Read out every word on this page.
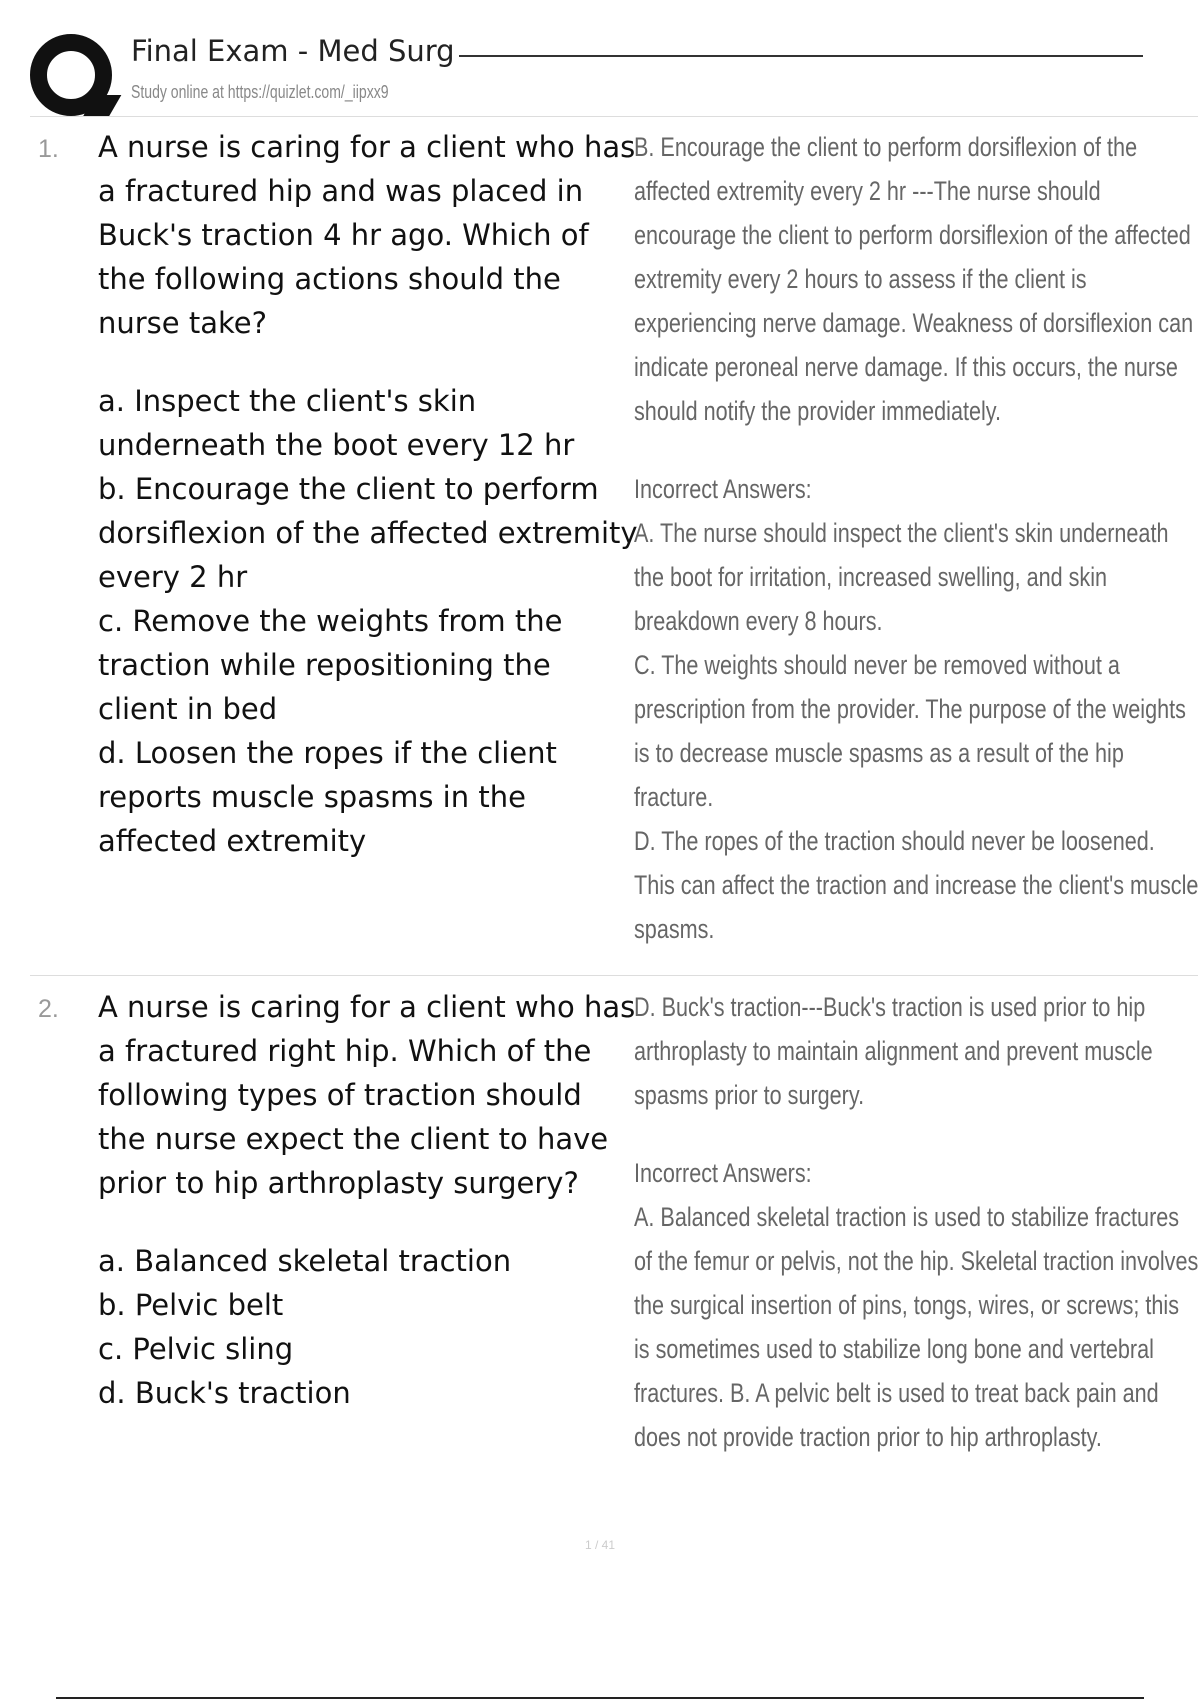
Final Exam - Med Surg
Study online at https://quizlet.com/_iipxx9
1. A nurse is caring for a client who has a fractured hip and was placed in Buck's traction 4 hr ago. Which of the following actions should the nurse take?

a. Inspect the client's skin underneath the boot every 12 hr

b. Encourage the client to perform dorsiflexion of the affected extremity every 2 hr

c. Remove the weights from the traction while repositioning the client in bed

d. Loosen the ropes if the client reports muscle spasms in the affected extremity

B. Encourage the client to perform dorsiflexion of the affected extremity every 2 hr ---The nurse should encourage the client to perform dorsiflexion of the affected extremity every 2 hours to assess if the client is experiencing nerve damage. Weakness of dorsiflexion can indicate peroneal nerve damage. If this occurs, the nurse should notify the provider immediately.

Incorrect Answers:

A. The nurse should inspect the client's skin underneath the boot for irritation, increased swelling, and skin breakdown every 8 hours.

C. The weights should never be removed without a prescription from the provider. The purpose of the weights is to decrease muscle spasms as a result of the hip fracture.

D. The ropes of the traction should never be loosened. This can affect the traction and increase the client's muscle spasms.

2. A nurse is caring for a client who has a fractured right hip. Which of the following types of traction should the nurse expect the client to have prior to hip arthroplasty surgery?

a. Balanced skeletal traction

b. Pelvic belt

c. Pelvic sling

d. Buck's traction

D. Buck's traction---Buck's traction is used prior to hip arthroplasty to maintain alignment and prevent muscle spasms prior to surgery.

Incorrect Answers:

A. Balanced skeletal traction is used to stabilize fractures of the femur or pelvis, not the hip. Skeletal traction involves the surgical insertion of pins, tongs, wires, or screws; this is sometimes used to stabilize long bone and vertebral fractures. B. A pelvic belt is used to treat back pain and does not provide traction prior to hip arthroplasty.

1 / 41
